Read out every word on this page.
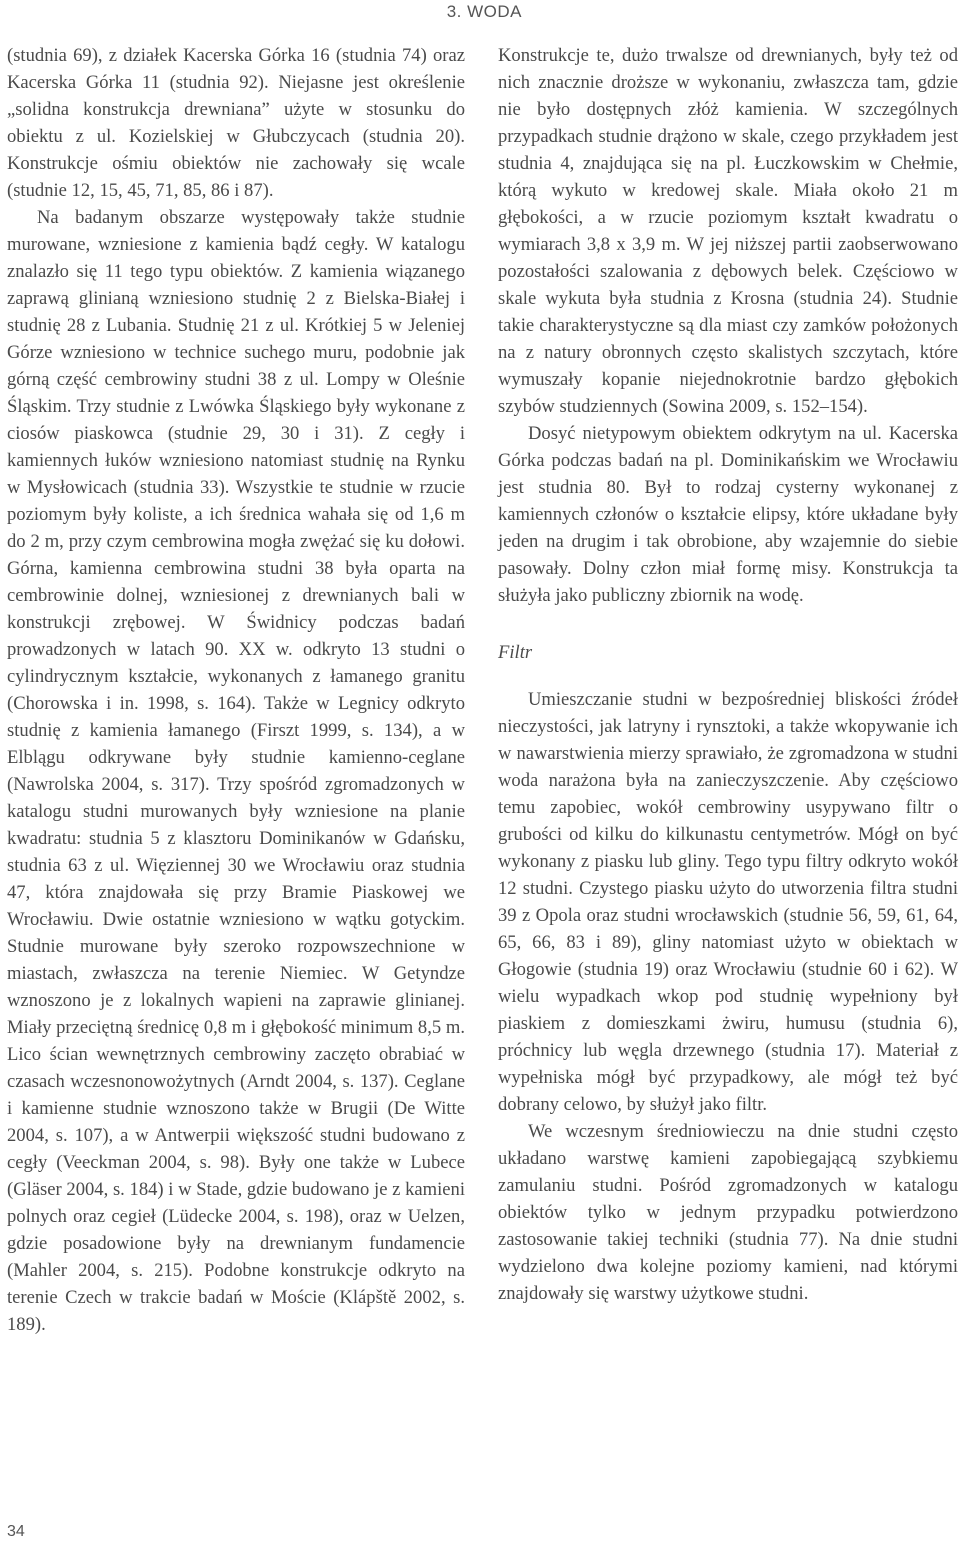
3. WODA

(studnia 69), z działek Kacerska Górka 16 (studnia 74) oraz Kacerska Górka 11 (studnia 92). Niejasne jest określenie „solidna konstrukcja drewniana” użyte w stosunku do obiektu z ul. Kozielskiej w Głubczycach (studnia 20). Konstrukcje ośmiu obiektów nie zachowały się wcale (studnie 12, 15, 45, 71, 85, 86 i 87).

Na badanym obszarze występowały także studnie murowane, wzniesione z kamienia bądź cegły. W katalogu znalazło się 11 tego typu obiektów. Z kamienia wiązanego zaprawą glinianą wzniesiono studnię 2 z Bielska-Białej i studnię 28 z Lubania. Studnię 21 z ul. Krótkiej 5 w Jeleniej Górze wzniesiono w technice suchego muru, podobnie jak górną część cembrowiny studni 38 z ul. Lompy w Oleśnie Śląskim. Trzy studnie z Lwówka Śląskiego były wykonane z ciosów piaskowca (studnie 29, 30 i 31). Z cegły i kamiennych łuków wzniesiono natomiast studnię na Rynku w Mysłowicach (studnia 33). Wszystkie te studnie w rzucie poziomym były koliste, a ich średnica wahała się od 1,6 m do 2 m, przy czym cembrowina mogła zwężać się ku dołowi. Górna, kamienna cembrowina studni 38 była oparta na cembrowinie dolnej, wzniesionej z drewnianych bali w konstrukcji zrębowej. W Świdnicy podczas badań prowadzonych w latach 90. XX w. odkryto 13 studni o cylindrycznym kształcie, wykonanych z łamanego granitu (Chorowska i in. 1998, s. 164). Także w Legnicy odkryto studnię z kamienia łamanego (Firszt 1999, s. 134), a w Elblągu odkrywane były studnie kamienno-ceglane (Nawrolska 2004, s. 317). Trzy spośród zgromadzonych w katalogu studni murowanych były wzniesione na planie kwadratu: studnia 5 z klasztoru Dominikanów w Gdańsku, studnia 63 z ul. Więziennej 30 we Wrocławiu oraz studnia 47, która znajdowała się przy Bramie Piaskowej we Wrocławiu. Dwie ostatnie wzniesiono w wątku gotyckim. Studnie murowane były szeroko rozpowszechnione w miastach, zwłaszcza na terenie Niemiec. W Getyndze wznoszono je z lokalnych wapieni na zaprawie glinianej. Miały przeciętną średnicę 0,8 m i głębokość minimum 8,5 m. Lico ścian wewnętrznych cembrowiny zaczęto obrabiać w czasach wczesnonowożytnych (Arndt 2004, s. 137). Ceglane i kamienne studnie wznoszono także w Brugii (De Witte 2004, s. 107), a w Antwerpii większość studni budowano z cegły (Veeckman 2004, s. 98). Były one także w Lubece (Gläser 2004, s. 184) i w Stade, gdzie budowano je z kamieni polnych oraz cegieł (Lüdecke 2004, s. 198), oraz w Uelzen, gdzie posadowione były na drewnianym fundamencie (Mahler 2004, s. 215). Podobne konstrukcje odkryto na terenie Czech w trakcie badań w Moście (Klápště 2002, s. 189).

Konstrukcje te, dużo trwalsze od drewnianych, były też od nich znacznie droższe w wykonaniu, zwłaszcza tam, gdzie nie było dostępnych złóż kamienia. W szczególnych przypadkach studnie drążono w skale, czego przykładem jest studnia 4, znajdująca się na pl. Łuczkowskim w Chełmie, którą wykuto w kredowej skale. Miała około 21 m głębokości, a w rzucie poziomym kształt kwadratu o wymiarach 3,8 x 3,9 m. W jej niższej partii zaobserwowano pozostałości szalowania z dębowych belek. Częściowo w skale wykuta była studnia z Krosna (studnia 24). Studnie takie charakterystyczne są dla miast czy zamków położonych na z natury obronnych często skalistych szczytach, które wymuszały kopanie niejednokrotnie bardzo głębokich szybów studziennych (Sowina 2009, s. 152–154).

Dosyć nietypowym obiektem odkrytym na ul. Kacerska Górka podczas badań na pl. Dominikańskim we Wrocławiu jest studnia 80. Był to rodzaj cysterny wykonanej z kamiennych członów o kształcie elipsy, które układane były jeden na drugim i tak obrobione, aby wzajemnie do siebie pasowały. Dolny człon miał formę misy. Konstrukcja ta służyła jako publiczny zbiornik na wodę.

Filtr

Umieszczanie studni w bezpośredniej bliskości źródeł nieczystości, jak latryny i rynsztoki, a także wkopywanie ich w nawarstwienia mierzy sprawiało, że zgromadzona w studni woda narażona była na zanieczyszczenie. Aby częściowo temu zapobiec, wokół cembrowiny usypywano filtr o grubości od kilku do kilkunastu centymetrów. Mógł on być wykonany z piasku lub gliny. Tego typu filtry odkryto wokół 12 studni. Czystego piasku użyto do utworzenia filtra studni 39 z Opola oraz studni wrocławskich (studnie 56, 59, 61, 64, 65, 66, 83 i 89), gliny natomiast użyto w obiektach w Głogowie (studnia 19) oraz Wrocławiu (studnie 60 i 62). W wielu wypadkach wkop pod studnię wypełniony był piaskiem z domieszkami żwiru, humusu (studnia 6), próchnicy lub węgla drzewnego (studnia 17). Materiał z wypełniska mógł być przypadkowy, ale mógł też być dobrany celowo, by służył jako filtr.

We wczesnym średniowieczu na dnie studni często układano warstwę kamieni zapobiegającą szybkiemu zamulaniu studni. Pośród zgromadzonych w katalogu obiektów tylko w jednym przypadku potwierdzono zastosowanie takiej techniki (studnia 77). Na dnie studni wydzielono dwa kolejne poziomy kamieni, nad którymi znajdowały się warstwy użytkowe studni.

34
